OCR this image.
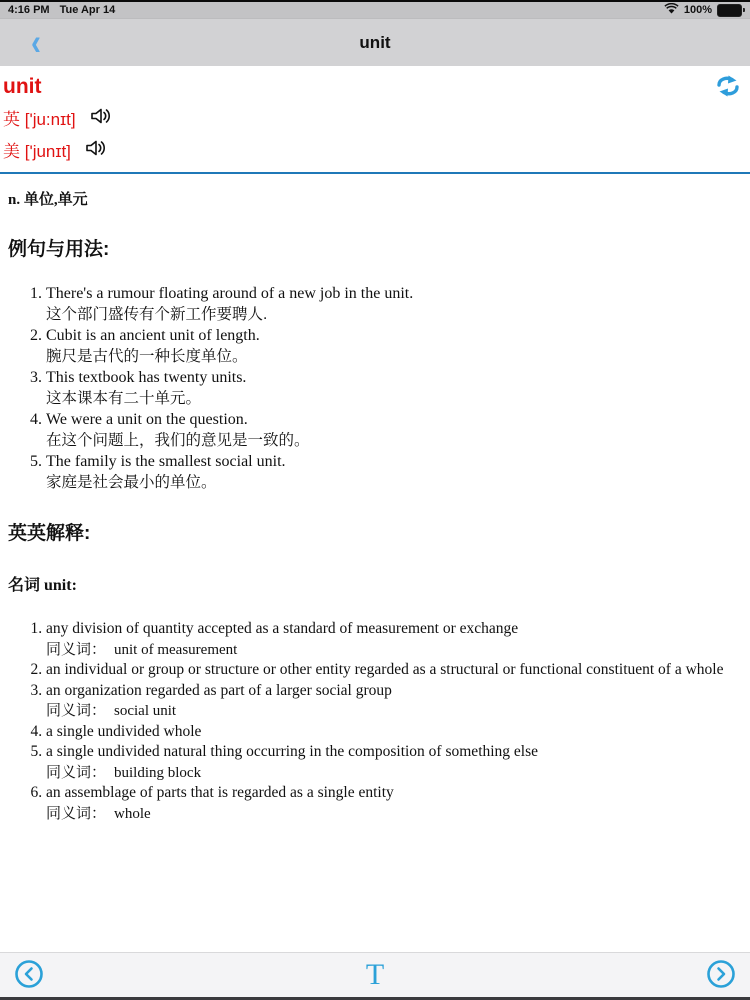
4:16 PM Tue Apr 14	100%
‹	unit
unit
英 ['ju:nɪt]
美 ['junɪt]
n. 单位,单元
例句与用法:
1. There's a rumour floating around of a new job in the unit.
这个部门盛传有个新工作要聘人.
2. Cubit is an ancient unit of length.
腕尺是古代的一种长度单位。
3. This textbook has twenty units.
这本课本有二十单元。
4. We were a unit on the question.
在这个问题上，我们的意见是一致的。
5. The family is the smallest social unit.
家庭是社会最小的单位。
英英解释:
名词 unit:
1. any division of quantity accepted as a standard of measurement or exchange
同义词： unit of measurement
2. an individual or group or structure or other entity regarded as a structural or functional constituent of a whole
3. an organization regarded as part of a larger social group
同义词： social unit
4. a single undivided whole
5. a single undivided natural thing occurring in the composition of something else
同义词： building block
6. an assemblage of parts that is regarded as a single entity
同义词： whole
T
